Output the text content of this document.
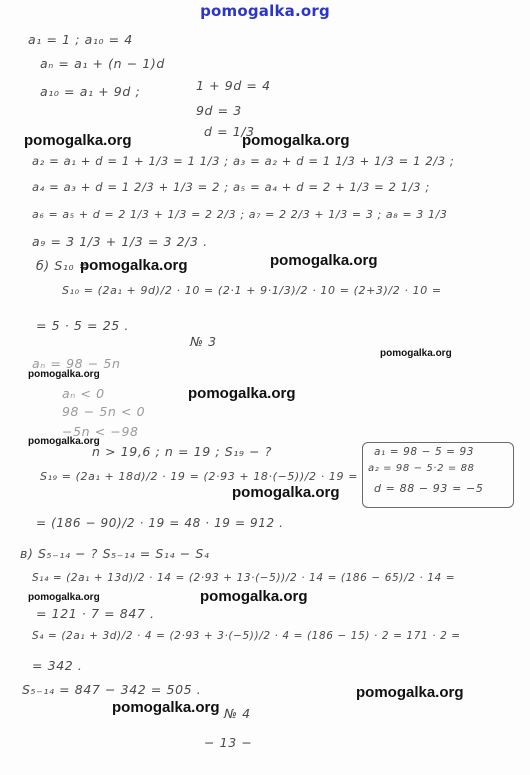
pomogalka.org
a₁ = 1 ; a₁₀ = 4
aₙ = a₁ + (n − 1)d
a₁₀ = a₁ + 9d ;	1 + 9d = 4
9d = 3
d = 1/3
a₂ = a₁ + d = 1 + 1/3 = 1 1/3 ; a₃ = a₂ + d = 1 1/3 + 1/3 = 1 2/3 ;
a₄ = a₃ + d = 1 2/3 + 1/3 = 2 ; a₅ = a₄ + d = 2 + 1/3 = 2 1/3 ;
a₆ = a₅ + d = 2 1/3 + 1/3 = 2 2/3 ; a₇ = 2 2/3 + 1/3 = 3 ; a₈ = 3 1/3
a₉ = 3 1/3 + 1/3 = 3 2/3 .
б) S₁₀ =
S₁₀ = (2a₁ + 9d)/2 · 10 = (2·1 + 9·1/3)/2 · 10 = (2+3)/2 · 10 =
= 5 · 5 = 25 .
№ 3
aₙ = 98 − 5n
aₙ < 0
98 − 5n < 0
−5n < −98
n > 19,6 ; n = 19 ; S₁₉ − ?	a₁ = 98 − 5 = 93
a₂ = 98 − 5·2 = 88
d = 88 − 93 = −5
S₁₉ = (2a₁ + 18d)/2 · 19 = (2·93 + 18·(−5))/2 · 19 =
= (186 − 90)/2 · 19 = 48 · 19 = 912 .
в) S₅₋₁₄ − ? S₅₋₁₄ = S₁₄ − S₄
S₁₄ = (2a₁ + 13d)/2 · 14 = (2·93 + 13·(−5))/2 · 14 = (186 − 65)/2 · 14 =
= 121 · 7 = 847 .
S₄ = (2a₁ + 3d)/2 · 4 = (2·93 + 3·(−5))/2 · 4 = (186 − 15) · 2 = 171 · 2 =
= 342 .
S₅₋₁₄ = 847 − 342 = 505 .
№ 4
− 13 −
pomogalka.org	pomogalka.org
pomogalka.org
pomogalka.org
pomogalka.org
pomogalka.org
pomogalka.org
pomogalka.org
pomogalka.org
pomogalka.org	pomogalka.org
pomogalka.org
pomogalka.org
